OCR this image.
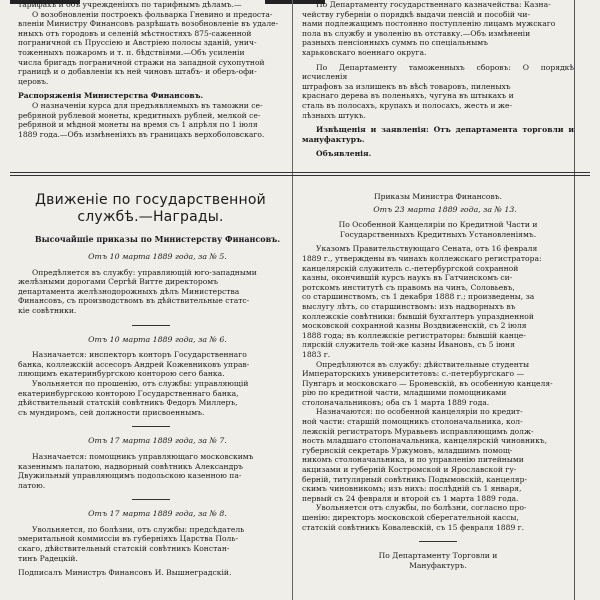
тарифахъ и объ учрежденiяхъ по тарифнымъ дѣламъ.—

О возобновленiи построекъ фольварка Гневино и предоста-

вленiи Министру Финансовъ разрѣшать возобновленiе въ удале-

нныхъ отъ городовъ и селенiй мѣстностяхъ 875-саженной

пограничной съ Пруссiею и Австрiею полосы зданiй, унич-

тоженныхъ пожаромъ и т. п. бѣдствiями.—Объ усиленiи

числа бригадъ пограничной стражи на западной сухопутной

границѣ и о добавленiи къ ней чиновъ штабъ- и оберъ-офи-

церовъ.

Распоряженiя Министерства Финансовъ.

О назначенiи курса для предъявляемыхъ въ таможни се-

ребряной рублевой монеты, кредитныхъ рублей, мелкой се-

ребряной и мѣдной монеты на время съ 1 апрѣля по 1 iюля

1889 года.—Объ измѣненiяхъ въ границахъ верхоболовскаго.

По Департаменту государственнаго казначейства: Казна-

чейству губернiи о порядкѣ выдачи пенсiй и пособiй чи-

нами подлежащимъ постоянно поступленiю лицамъ мужскаго

пола въ службу и уволенiю въ отставку.—Объ измѣненiи

разныхъ пенсiонныхъ суммъ по спецiальнымъ

харьковскаго военнаго округа.

По Департаменту таможенныхъ сборовъ: О порядкѣ исчисленiя

штрафовъ за излишекъ въ вѣсѣ товаровъ, пиленыхъ

краснаго дерева въ поленьяхъ, чугуна въ штыкахъ и

сталь въ полосахъ, крупахъ и полосахъ, жесть и же-

лѣзныхъ штукъ.

Извѣщенiя и заявленiя: Отъ департамента торговли и мануфактуръ.

Объявленiя.

Движенiе по государственной
службѣ.—Награды.

Высочайшiе приказы по Министерству Финансовъ.

Отъ 10 марта 1889 года, за № 5.

Опредѣляется въ службу: управляющiй юго-западными

желѣзными дорогами Сергѣй Витте директоромъ

департамента желѣзнодорожныхъ дѣлъ Министерства

Финансовъ, съ производствомъ въ дѣйствительные статс-

кiе совѣтники.

Отъ 10 марта 1889 года, за № 6.

Назначается: инспекторъ конторъ Государственнаго

банка, коллежскiй ассесоръ Андрей Кожевниковъ управ-

ляющимъ екатеринбургскою конторою сего банка.

Увольняется по прошенiю, отъ службы: управляющiй

екатеринбургскою конторою Государственнаго банка,

дѣйствительный статскiй совѣтникъ Федоръ Миллеръ,

съ мундиромъ, сей должности присвоеннымъ.

Отъ 17 марта 1889 года, за № 7.

Назначается: помощникъ управляющаго московскимъ

казеннымъ палатою, надворный совѣтникъ Александръ

Двужильный управляющимъ подольскою казенною па-

латою.

Отъ 17 марта 1889 года, за № 8.

Увольняется, по болѣзни, отъ службы: предсѣдатель

эмеритальной коммиссiи въ губернiяхъ Царства Поль-

скаго, дѣйствительный статскiй совѣтникъ Констан-

тинъ Радецкiй.

Подписалъ Министръ Финансовъ И. Вышнеградскiй.

Приказы Министра Финансовъ.

Отъ 23 марта 1889 года, за № 13.

По Особенной Канцелярiи по Кредитной Части и Государственныхъ Кредитныхъ Установленiямъ.

Указомъ Правительствующаго Сената, отъ 16 февраля

1889 г., утверждены въ чинахъ коллежскаго регистратора:

канцелярскiй служитель с.-петербургской сохранной

казны, окончившiй курсъ наукъ въ Гатчинскомъ си-

ротскомъ институтѣ съ правомъ на чинъ, Соловьевъ,

со старшинствомъ, съ 1 декабря 1888 г.; произведены, за

выслугу лѣтъ, со старшинствомъ: изъ надворныхъ въ

коллежскiе совѣтники: бывшiй бухгалтеръ упраздненной

московской сохранной казны Воздвиженскiй, съ 2 iюля

1888 года; въ коллежскiе регистраторы: бывшiй канце-

лярскiй служитель той-же казны Ивановъ, съ 5 iюня

1883 г.

Опредѣляются въ службу: дѣйствительные студенты

Императорскихъ университетовъ: с.-петербургскаго —

Пунгаръ и московскаго — Броневскiй, въ особенную канцеля-

рiю по кредитной части, младшими помощниками

столоначальниковъ; оба съ 1 марта 1889 года.

Назначаются: по особенной канцелярiи по кредит-

ной части: старшiй помощникъ столоначальника, кол-

лежскiй регистраторъ Муравьевъ исправляющимъ долж-

ность младшаго столоначальника, канцелярскiй чиновникъ,

губернскiй секретарь Уржумовъ, младшимъ помощ-

никомъ столоначальника, и по управленiю питейными

акцизами и губернiй Костромской и Ярославской гу-

бернiй, титулярный совѣтникъ Подымовскiй, канцеляр-

скимъ чиновникомъ; изъ нихъ: послѣднiй съ 1 января,

первый съ 24 февраля и второй съ 1 марта 1889 года.

Увольняется отъ службы, по болѣзни, согласно про-

шенiю: директоръ московской сберегательной кассы,

статскiй совѣтникъ Ковалевскiй, съ 15 февраля 1889 г.

По Департаменту Торговли и Мануфактуръ.
